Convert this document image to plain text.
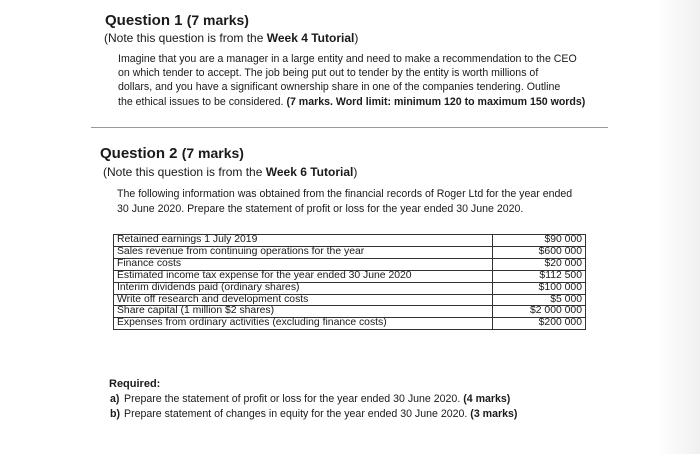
Question 1 (7 marks)
(Note this question is from the Week 4 Tutorial)
Imagine that you are a manager in a large entity and need to make a recommendation to the CEO
on which tender to accept. The job being put out to tender by the entity is worth millions of
dollars, and you have a significant ownership share in one of the companies tendering. Outline
the ethical issues to be considered. (7 marks. Word limit: minimum 120 to maximum 150 words)
Question 2 (7 marks)
(Note this question is from the Week 6 Tutorial)
The following information was obtained from the financial records of Roger Ltd for the year ended
30 June 2020. Prepare the statement of profit or loss for the year ended 30 June 2020.
Retained earnings 1 July 2019	$90 000
Sales revenue from continuing operations for the year	$600 000
Finance costs	$20 000
Estimated income tax expense for the year ended 30 June 2020	$112 500
Interim dividends paid (ordinary shares)	$100 000
Write off research and development costs	$5 000
Share capital (1 million $2 shares)	$2 000 000
Expenses from ordinary activities (excluding finance costs)	$200 000
Required:
a) Prepare the statement of profit or loss for the year ended 30 June 2020. (4 marks)
b) Prepare statement of changes in equity for the year ended 30 June 2020. (3 marks)
